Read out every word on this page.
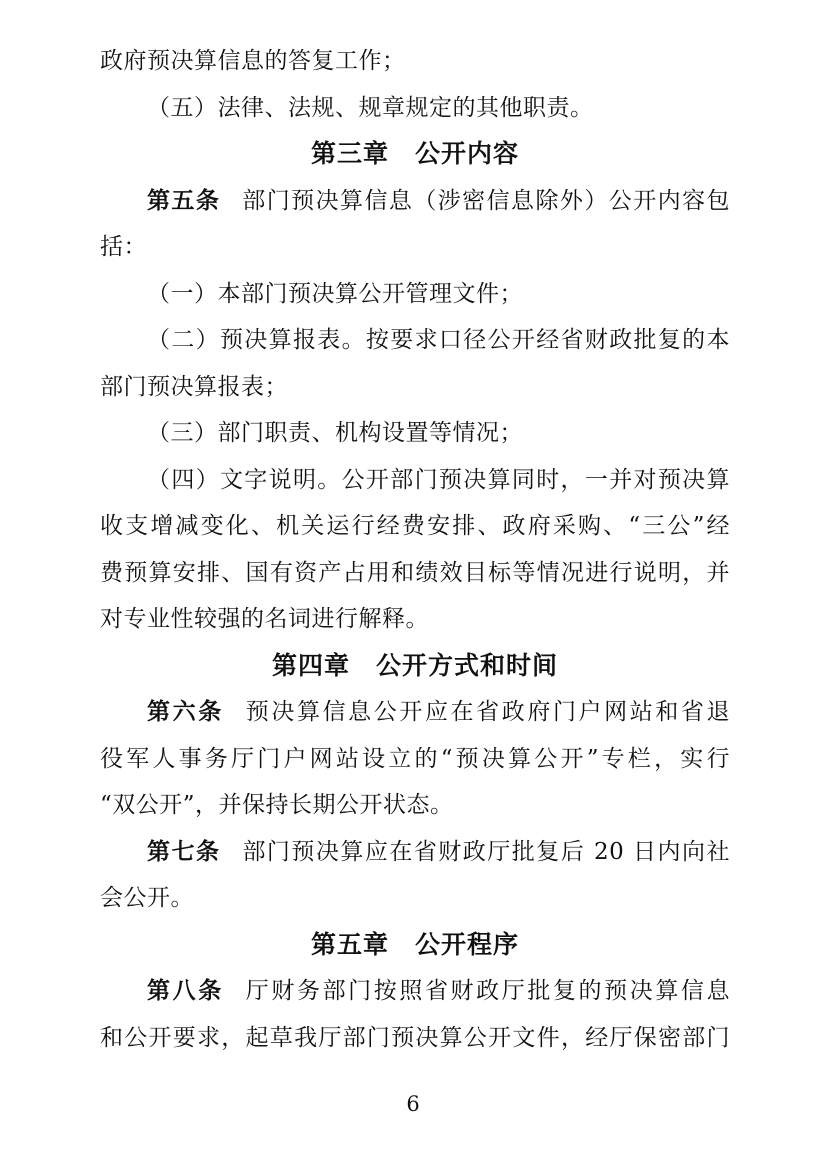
政府预决算信息的答复工作；
（五）法律、法规、规章规定的其他职责。
第三章　公开内容
第五条 部门预决算信息（涉密信息除外）公开内容包
括：
（一）本部门预决算公开管理文件；
（二）预决算报表。按要求口径公开经省财政批复的本
部门预决算报表；
（三）部门职责、机构设置等情况；
（四）文字说明。公开部门预决算同时，一并对预决算
收支增减变化、机关运行经费安排、政府采购、“三公”经
费预算安排、国有资产占用和绩效目标等情况进行说明，并
对专业性较强的名词进行解释。
第四章　公开方式和时间
第六条 预决算信息公开应在省政府门户网站和省退
役军人事务厅门户网站设立的“预决算公开”专栏，实行
“双公开”，并保持长期公开状态。
第七条 部门预决算应在省财政厅批复后 20 日内向社
会公开。
第五章　公开程序
第八条 厅财务部门按照省财政厅批复的预决算信息
和公开要求，起草我厅部门预决算公开文件，经厅保密部门
6
